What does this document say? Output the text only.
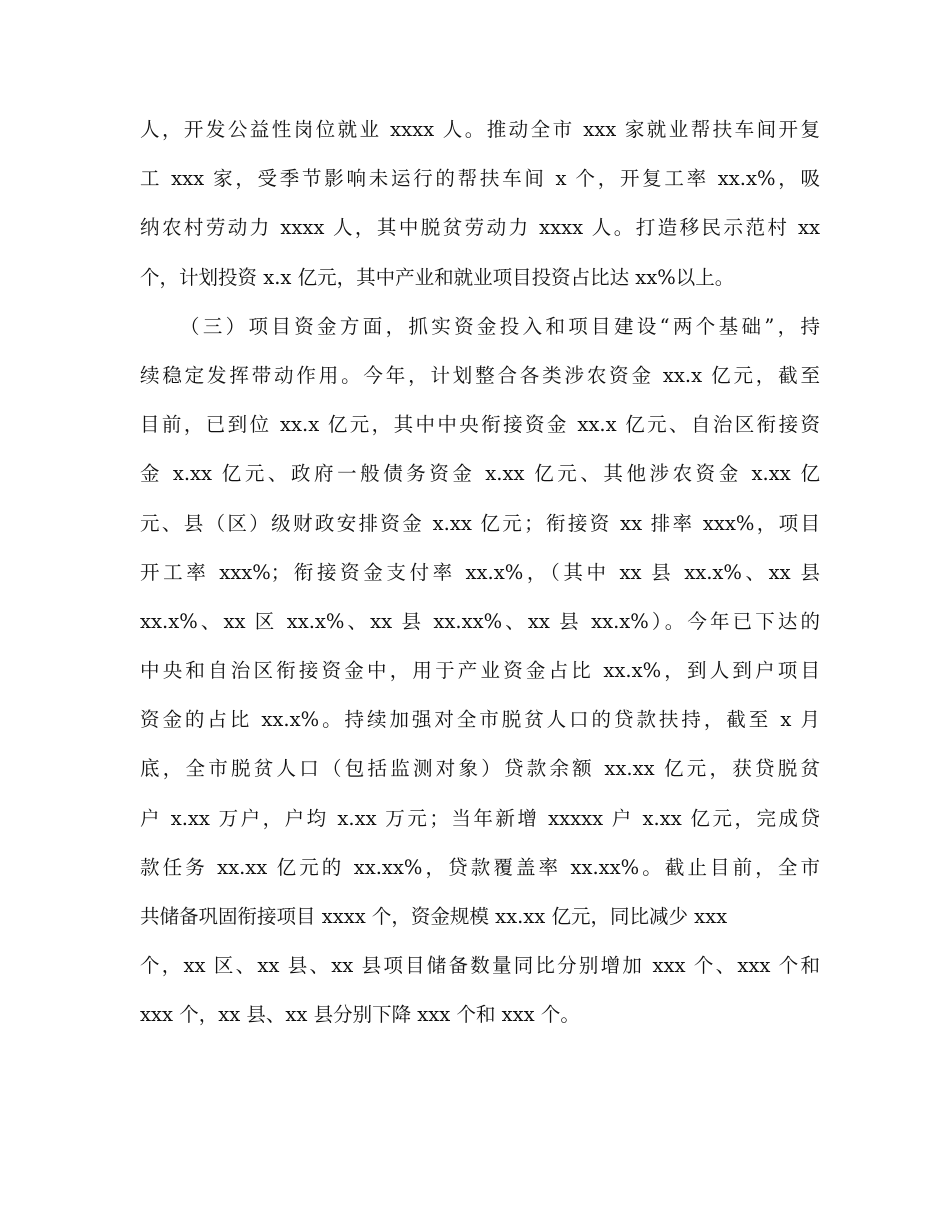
人，开发公益性岗位就业 xxxx 人。推动全市 xxx 家就业帮扶车间开复
工 xxx 家，受季节影响未运行的帮扶车间 x 个，开复工率 xx.x%，吸
纳农村劳动力 xxxx 人，其中脱贫劳动力 xxxx 人。打造移民示范村 xx
个，计划投资 x.x 亿元，其中产业和就业项目投资占比达 xx%以上。
（三）项目资金方面，抓实资金投入和项目建设“两个基础”，持
续稳定发挥带动作用。今年，计划整合各类涉农资金 xx.x 亿元，截至
目前，已到位 xx.x 亿元，其中中央衔接资金 xx.x 亿元、自治区衔接资
金 x.xx 亿元、政府一般债务资金 x.xx 亿元、其他涉农资金 x.xx 亿
元、县（区）级财政安排资金 x.xx 亿元；衔接资 xx 排率 xxx%，项目
开工率 xxx%；衔接资金支付率 xx.x%，（其中 xx 县 xx.x%、xx 县
xx.x%、xx 区 xx.x%、xx 县 xx.xx%、xx 县 xx.x%）。今年已下达的
中央和自治区衔接资金中，用于产业资金占比 xx.x%，到人到户项目
资金的占比 xx.x%。持续加强对全市脱贫人口的贷款扶持，截至 x 月
底，全市脱贫人口（包括监测对象）贷款余额 xx.xx 亿元，获贷脱贫
户 x.xx 万户，户均 x.xx 万元；当年新增 xxxxx 户 x.xx 亿元，完成贷
款任务 xx.xx 亿元的 xx.xx%，贷款覆盖率 xx.xx%。截止目前，全市
共储备巩固衔接项目 xxxx 个，资金规模 xx.xx 亿元，同比减少 xxx
个，xx 区、xx 县、xx 县项目储备数量同比分别增加 xxx 个、xxx 个和
xxx 个，xx 县、xx 县分别下降 xxx 个和 xxx 个。
